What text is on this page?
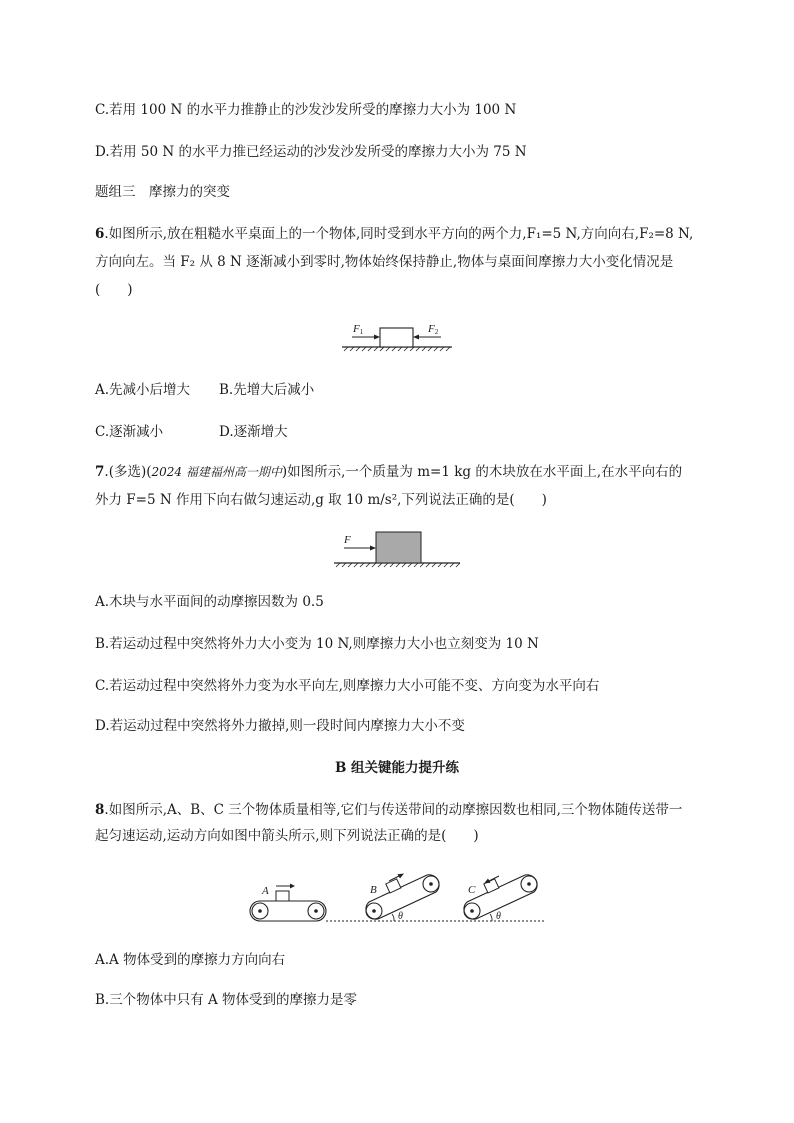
C.若用 100 N 的水平力推静止的沙发沙发所受的摩擦力大小为 100 N
D.若用 50 N 的水平力推已经运动的沙发沙发所受的摩擦力大小为 75 N
题组三　摩擦力的突变
6.如图所示,放在粗糙水平桌面上的一个物体,同时受到水平方向的两个力,F₁=5 N,方向向右,F₂=8 N,
方向向左。当 F₂ 从 8 N 逐渐减小到零时,物体始终保持静止,物体与桌面间摩擦力大小变化情况是
(　　)
F1	F2
A.先减小后增大 B.先增大后减小
C.逐渐减小	D.逐渐增大
7.(多选)(2024 福建福州高一期中)如图所示,一个质量为 m=1 kg 的木块放在水平面上,在水平向右的
外力 F=5 N 作用下向右做匀速运动,g 取 10 m/s²,下列说法正确的是(　　)
F
A.木块与水平面间的动摩擦因数为 0.5
B.若运动过程中突然将外力大小变为 10 N,则摩擦力大小也立刻变为 10 N
C.若运动过程中突然将外力变为水平向左,则摩擦力大小可能不变、方向变为水平向右
D.若运动过程中突然将外力撤掉,则一段时间内摩擦力大小不变
B 组关键能力提升练
8.如图所示,A、B、C 三个物体质量相等,它们与传送带间的动摩擦因数也相同,三个物体随传送带一
起匀速运动,运动方向如图中箭头所示,则下列说法正确的是(　　)
A	B
θ
C
θ
A.A 物体受到的摩擦力方向向右
B.三个物体中只有 A 物体受到的摩擦力是零
